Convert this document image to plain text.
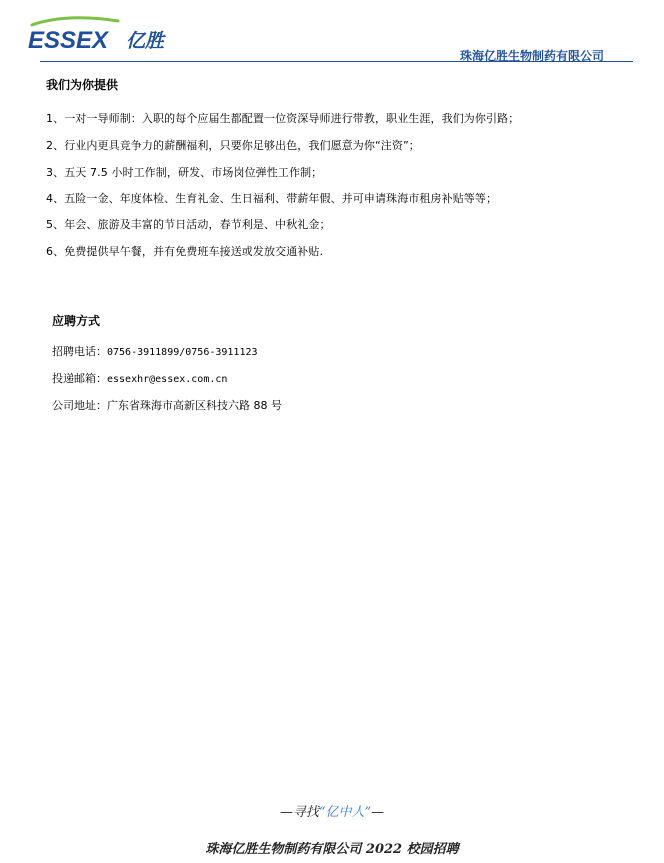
ESSEX 亿胜
珠海亿胜生物制药有限公司
我们为你提供
1、一对一导师制：入职的每个应届生都配置一位资深导师进行带教，职业生涯，我们为你引路；
2、行业内更具竞争力的薪酬福利，只要你足够出色，我们愿意为你“注资”；
3、五天 7.5 小时工作制，研发、市场岗位弹性工作制；
4、五险一金、年度体检、生育礼金、生日福利、带薪年假、并可申请珠海市租房补贴等等；
5、年会、旅游及丰富的节日活动，春节利是、中秋礼金；
6、免费提供早午餐，并有免费班车接送或发放交通补贴.
应聘方式
招聘电话：0756-3911899/0756-3911123
投递邮箱：essexhr@essex.com.cn
公司地址：广东省珠海市高新区科技六路 88 号
—寻找“亿中人”—
珠海亿胜生物制药有限公司 2022 校园招聘
